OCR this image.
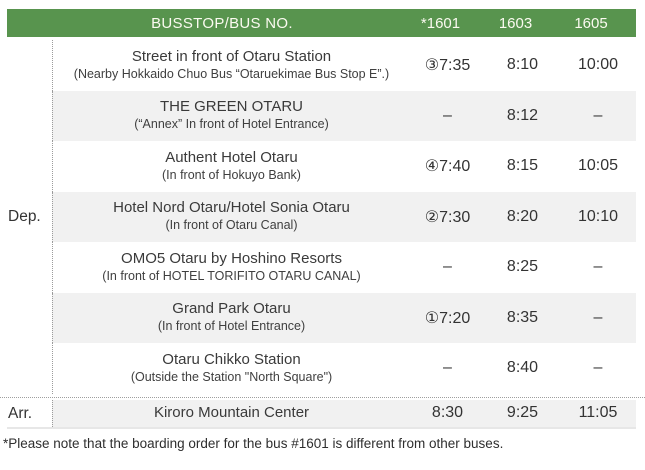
BUSSTOP/BUS NO.	*1601	1603	1605
Dep.
Street in front of Otaru Station
(Nearby Hokkaido Chuo Bus “Otaruekimae Bus Stop E”.)	③7:35	8:10	10:00
THE GREEN OTARU
(“Annex” In front of Hotel Entrance)
–	8:12	–
Authent Hotel Otaru
(In front of Hokuyo Bank)	④7:40	8:15	10:05
Hotel Nord Otaru/Hotel Sonia Otaru
(In front of Otaru Canal)	②7:30	8:20	10:10
OMO5 Otaru by Hoshino Resorts
(In front of HOTEL TORIFITO OTARU CANAL)
–	8:25	–
Grand Park Otaru
(In front of Hotel Entrance)	①7:20	8:35	–
Otaru Chikko Station
(Outside the Station "North Square")
–	8:40	–
Arr.	Kiroro Mountain Center	8:30	9:25	11:05
*Please note that the boarding order for the bus #1601 is different from other buses.
